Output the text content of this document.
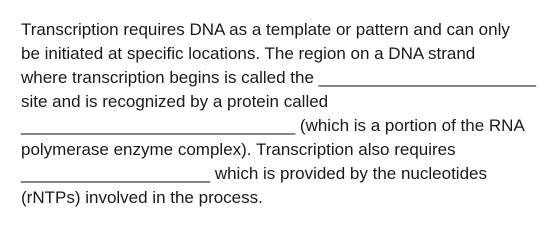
Transcription requires DNA as a template or pattern and can only
be initiated at specific locations. The region on a DNA strand
where transcription begins is called the _______________________
site and is recognized by a protein called
_____________________________ (which is a portion of the RNA
polymerase enzyme complex). Transcription also requires
____________________ which is provided by the nucleotides
(rNTPs) involved in the process.
